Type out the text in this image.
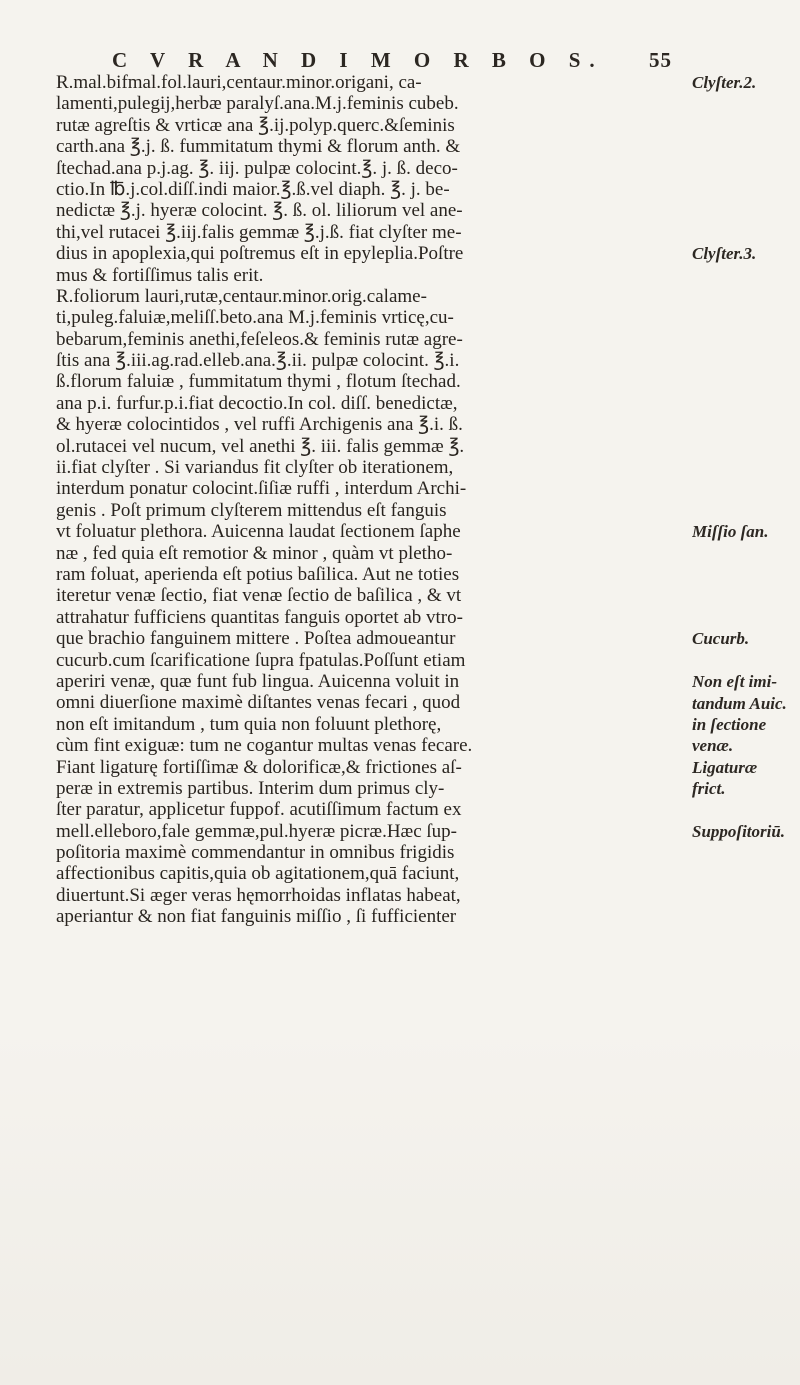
C V R A N D I M O R B O S. 55
R.mal.bifmal.fol.lauri,centaur.minor.origani, ca-
lamenti,pulegij,herbæ paralyſ.ana.M.j.feminis cubeb.
rutæ agreſtis & vrticæ ana ℥.ij.polyp.querc.&ſeminis
carth.ana ℥.j. ß. fummitatum thymi & florum anth. &
ſtechad.ana p.j.ag. ℥. iij. pulpæ colocint.℥. j. ß. deco-
ctio.In ℔.j.col.diſſ.indi maior.℥.ß.vel diaph. ℥. j. be-
nedictæ ℥.j. hyeræ colocint. ℥. ß. ol. liliorum vel ane-
thi,vel rutacei ℥.iij.falis gemmæ ℥.j.ß. fiat clyſter me-
dius in apoplexia,qui poſtremus eſt in epyleplia.Poſtre
mus & fortiſſimus talis erit.
R.foliorum lauri,rutæ,centaur.minor.orig.calame-
ti,puleg.faluiæ,meliſſ.beto.ana M.j.feminis vrticę,cu-
bebarum,feminis anethi,feſeleos.& feminis rutæ agre-
ſtis ana ℥.iii.ag.rad.elleb.ana.℥.ii. pulpæ colocint. ℥.i.
ß.florum faluiæ , fummitatum thymi , flotum ſtechad.
ana p.i. furfur.p.i.fiat decoctio.In col. diſſ. benedictæ,
& hyeræ colocintidos , vel ruffi Archigenis ana ℥.i. ß.
ol.rutacei vel nucum, vel anethi ℥. iii. falis gemmæ ℥.
ii.fiat clyſter . Si variandus fit clyſter ob iterationem,
interdum ponatur colocint.ſiſiæ ruffi , interdum Archi-
genis . Poſt primum clyſterem mittendus eſt fanguis
vt foluatur plethora. Auicenna laudat ſectionem ſaphe
næ , fed quia eſt remotior & minor , quàm vt pletho-
ram foluat, aperienda eſt potius baſilica. Aut ne toties
iteretur venæ ſectio, fiat venæ ſectio de baſilica , & vt
attrahatur fufficiens quantitas fanguis oportet ab vtro-
que brachio fanguinem mittere . Poſtea admoueantur
cucurb.cum ſcarificatione ſupra fpatulas.Poſſunt etiam
aperiri venæ, quæ funt fub lingua. Auicenna voluit in
omni diuerſione maximè diſtantes venas fecari , quod
non eſt imitandum , tum quia non foluunt plethorę,
cùm fint exiguæ: tum ne cogantur multas venas fecare.
Fiant ligaturę fortiſſimæ & dolorificæ,& frictiones aſ-
peræ in extremis partibus. Interim dum primus cly-
ſter paratur, applicetur fuppof. acutiſſimum factum ex
mell.elleboro,fale gemmæ,pul.hyeræ picræ.Hæc ſup-
poſitoria maximè commendantur in omnibus frigidis
affectionibus capitis,quia ob agitationem,quā faciunt,
diuertunt.Si æger veras hęmorrhoidas inflatas habeat,
aperiantur & non fiat fanguinis miſſio , ſi fufficienter
Clyſter.2.
Clyſter.3.
Miſſio ſan.
Cucurb.
Non eſt imi-
tandum Auic.
in ſectione
venæ.
Ligaturæ
frict.
Suppoſitoriū.
